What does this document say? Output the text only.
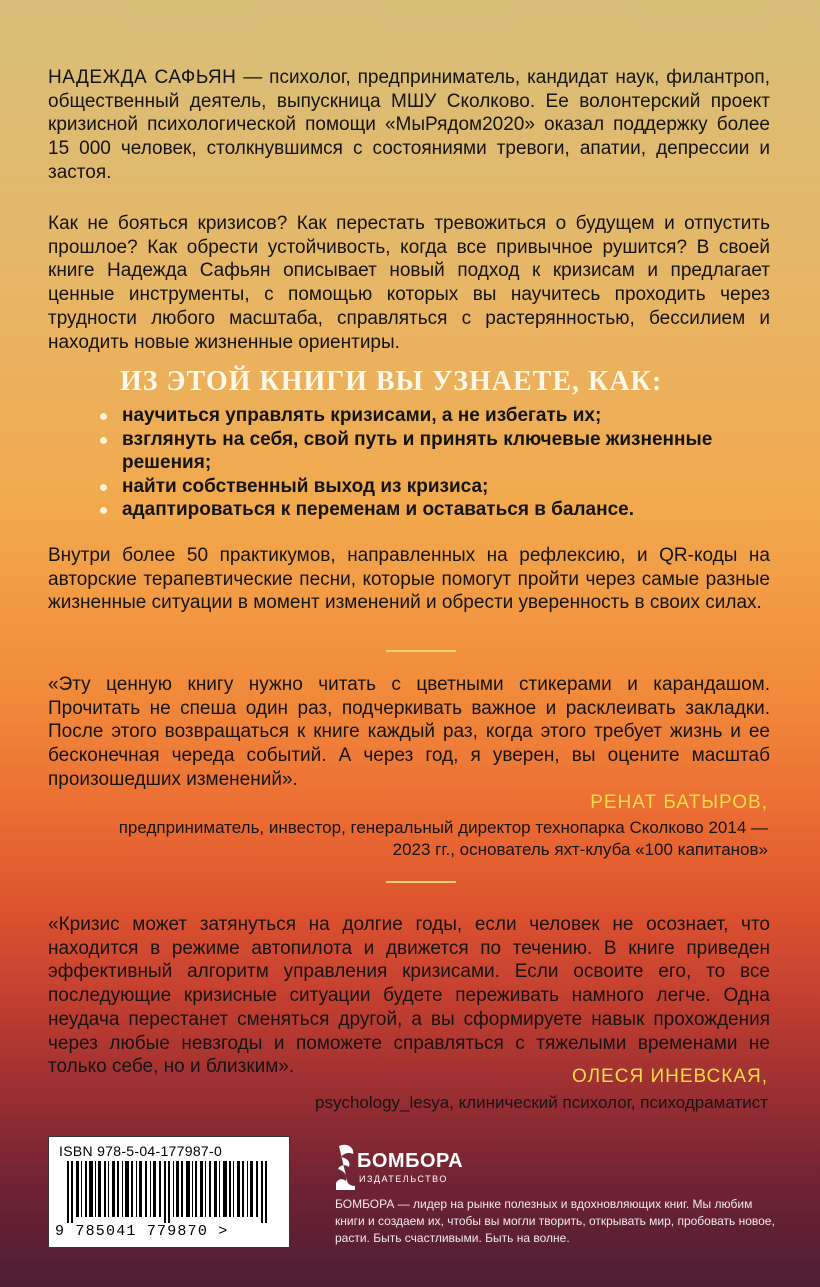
НАДЕЖДА САФЬЯН — психолог, предприниматель, кандидат наук, филантроп, общественный деятель, выпускница МШУ Сколково. Ее волонтерский проект кризисной психологической помощи «МыРядом2020» оказал поддержку более 15 000 человек, столкнувшимся с состояниями тревоги, апатии, депрессии и застоя.

Как не бояться кризисов? Как перестать тревожиться о будущем и отпустить прошлое? Как обрести устойчивость, когда все привычное рушится? В своей книге Надежда Сафьян описывает новый подход к кризисам и предлагает ценные инструменты, с помощью которых вы научитесь проходить через трудности любого масштаба, справляться с растерянностью, бессилием и находить новые жизненные ориентиры.

ИЗ ЭТОЙ КНИГИ ВЫ УЗНАЕТЕ, КАК:
научиться управлять кризисами, а не избегать их;
взглянуть на себя, свой путь и принять ключевые жизненные решения;
найти собственный выход из кризиса;
адаптироваться к переменам и оставаться в балансе.

Внутри более 50 практикумов, направленных на рефлексию, и QR-коды на авторские терапевтические песни, которые помогут пройти через самые разные жизненные ситуации в момент изменений и обрести уверенность в своих силах.

«Эту ценную книгу нужно читать с цветными стикерами и карандашом. Прочитать не спеша один раз, подчеркивать важное и расклеивать закладки. После этого возвращаться к книге каждый раз, когда этого требует жизнь и ее бесконечная череда событий. А через год, я уверен, вы оцените масштаб произошедших изменений».

РЕНАТ БАТЫРОВ,

предприниматель, инвестор, генеральный директор технопарка Сколково 2014 — 2023 гг., основатель яхт-клуба «100 капитанов»

«Кризис может затянуться на долгие годы, если человек не осознает, что находится в режиме автопилота и движется по течению. В книге приведен эффективный алгоритм управления кризисами. Если освоите его, то все последующие кризисные ситуации будете переживать намного легче. Одна неудача перестанет сменяться другой, а вы сформируете навык прохождения через любые невзгоды и поможете справляться с тяжелыми временами не только себе, но и близким».	ОЛЕСЯ ИНЕВСКАЯ,

psychology_lesya, клинический психолог, психодраматист

ISBN 978-5-04-177987-0
9 785041 779870 >
БОМБОРА
ИЗДАТЕЛЬСТВО

БОМБОРА — лидер на рынке полезных и вдохновляющих книг. Мы любим книги и создаем их, чтобы вы могли творить, открывать мир, пробовать новое, расти. Быть счастливыми. Быть на волне.
